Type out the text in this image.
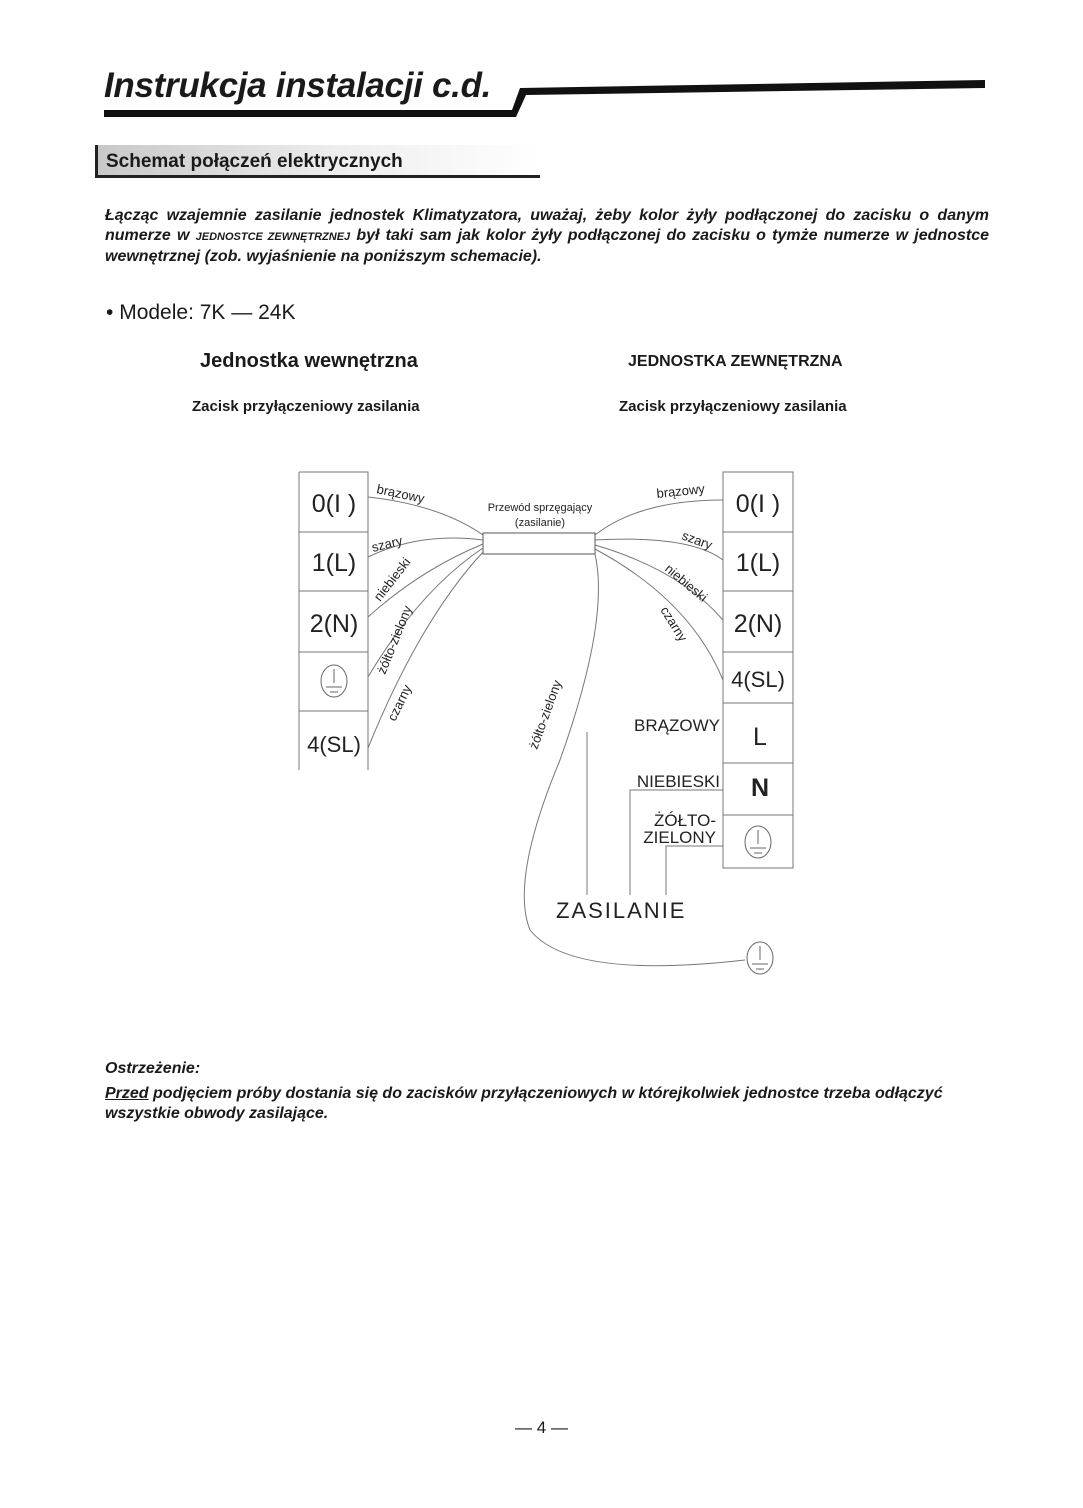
Instrukcja instalacji c.d.
Schemat połączeń elektrycznych
Łącząc wzajemnie zasilanie jednostek Klimatyzatora, uważaj, żeby kolor żyły podłączonej do zacisku o danym numerze w JEDNOSTCE ZEWNĘTRZNEJ był taki sam jak kolor żyły podłączonej do zacisku o tymże numerze w jednostce wewnętrznej (zob. wyjaśnienie na poniższym schemacie).
• Modele: 7K — 24K
Jednostka wewnętrzna	JEDNOSTKA ZEWNĘTRZNA
Zacisk przyłączeniowy zasilania	Zacisk przyłączeniowy zasilania
0(I )
1(L)
2(N)
4(SL)
0(I )
1(L)
2(N)
4(SL)
L
N
Przewód sprzęgający
(zasilanie)
brązowy
szary
niebieski
żółto-zielony
czarny
brązowy
szary
niebieski
czarny
żółto-zielony	BRĄZOWY
NIEBIESKI
ŻÓŁTO-
ZIELONY
ZASILANIE
Ostrzeżenie:
Przed podjęciem próby dostania się do zacisków przyłączeniowych w którejkolwiek jednostce trzeba odłączyć wszystkie obwody zasilające.
— 4 —
